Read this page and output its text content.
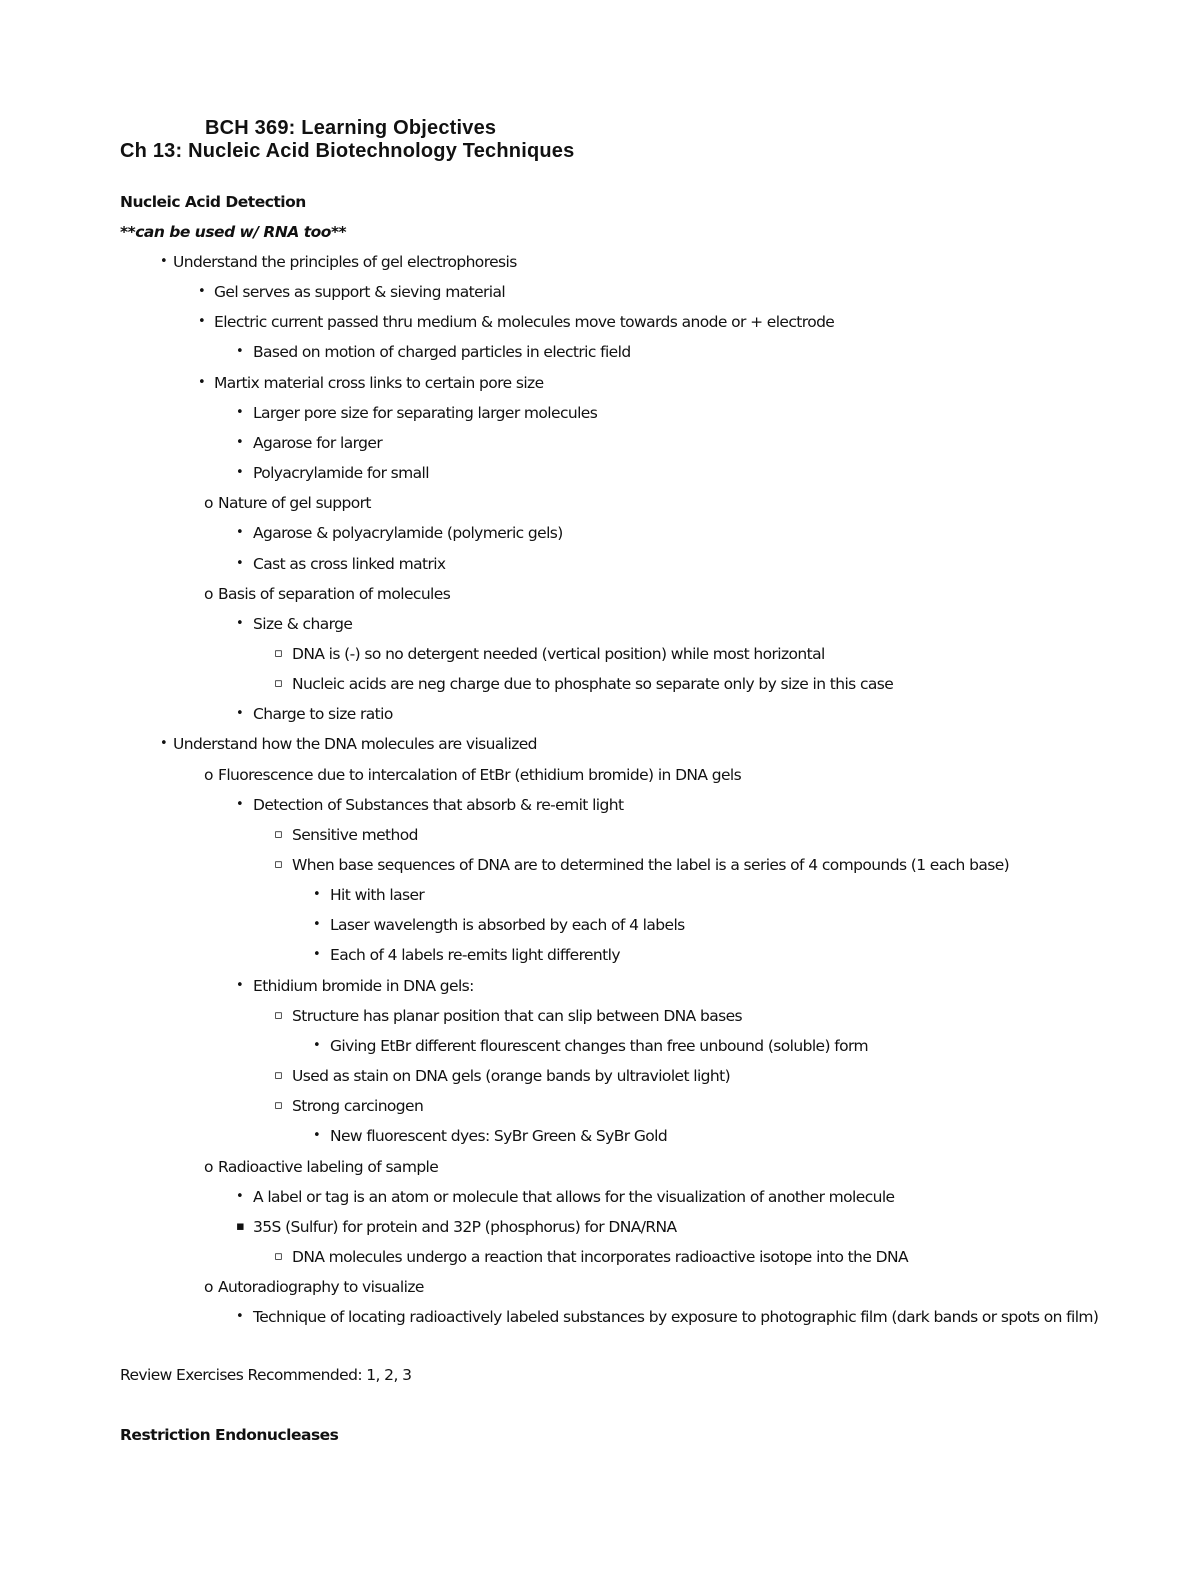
BCH 369: Learning Objectives
Ch 13: Nucleic Acid Biotechnology Techniques
Nucleic Acid Detection
**can be used w/ RNA too**
• Understand the principles of gel electrophoresis
• Gel serves as support & sieving material
• Electric current passed thru medium & molecules move towards anode or + electrode
• Based on motion of charged particles in electric field
• Martix material cross links to certain pore size
• Larger pore size for separating larger molecules
• Agarose for larger
• Polyacrylamide for small
o Nature of gel support
• Agarose & polyacrylamide (polymeric gels)
• Cast as cross linked matrix
o Basis of separation of molecules
• Size & charge
▫ DNA is (-) so no detergent needed (vertical position) while most horizontal
▫ Nucleic acids are neg charge due to phosphate so separate only by size in this case
• Charge to size ratio
• Understand how the DNA molecules are visualized
o Fluorescence due to intercalation of EtBr (ethidium bromide) in DNA gels
• Detection of Substances that absorb & re-emit light
▫ Sensitive method
▫ When base sequences of DNA are to determined the label is a series of 4 compounds (1 each base)
• Hit with laser
• Laser wavelength is absorbed by each of 4 labels
• Each of 4 labels re-emits light differently
• Ethidium bromide in DNA gels:
▫ Structure has planar position that can slip between DNA bases
• Giving EtBr different flourescent changes than free unbound (soluble) form
▫ Used as stain on DNA gels (orange bands by ultraviolet light)
▫ Strong carcinogen
• New fluorescent dyes: SyBr Green & SyBr Gold
o Radioactive labeling of sample
• A label or tag is an atom or molecule that allows for the visualization of another molecule
▪ 35S (Sulfur) for protein and 32P (phosphorus) for DNA/RNA
▫ DNA molecules undergo a reaction that incorporates radioactive isotope into the DNA
o Autoradiography to visualize
• Technique of locating radioactively labeled substances by exposure to photographic film (dark bands or spots on film)
Review Exercises Recommended: 1, 2, 3
Restriction Endonucleases
